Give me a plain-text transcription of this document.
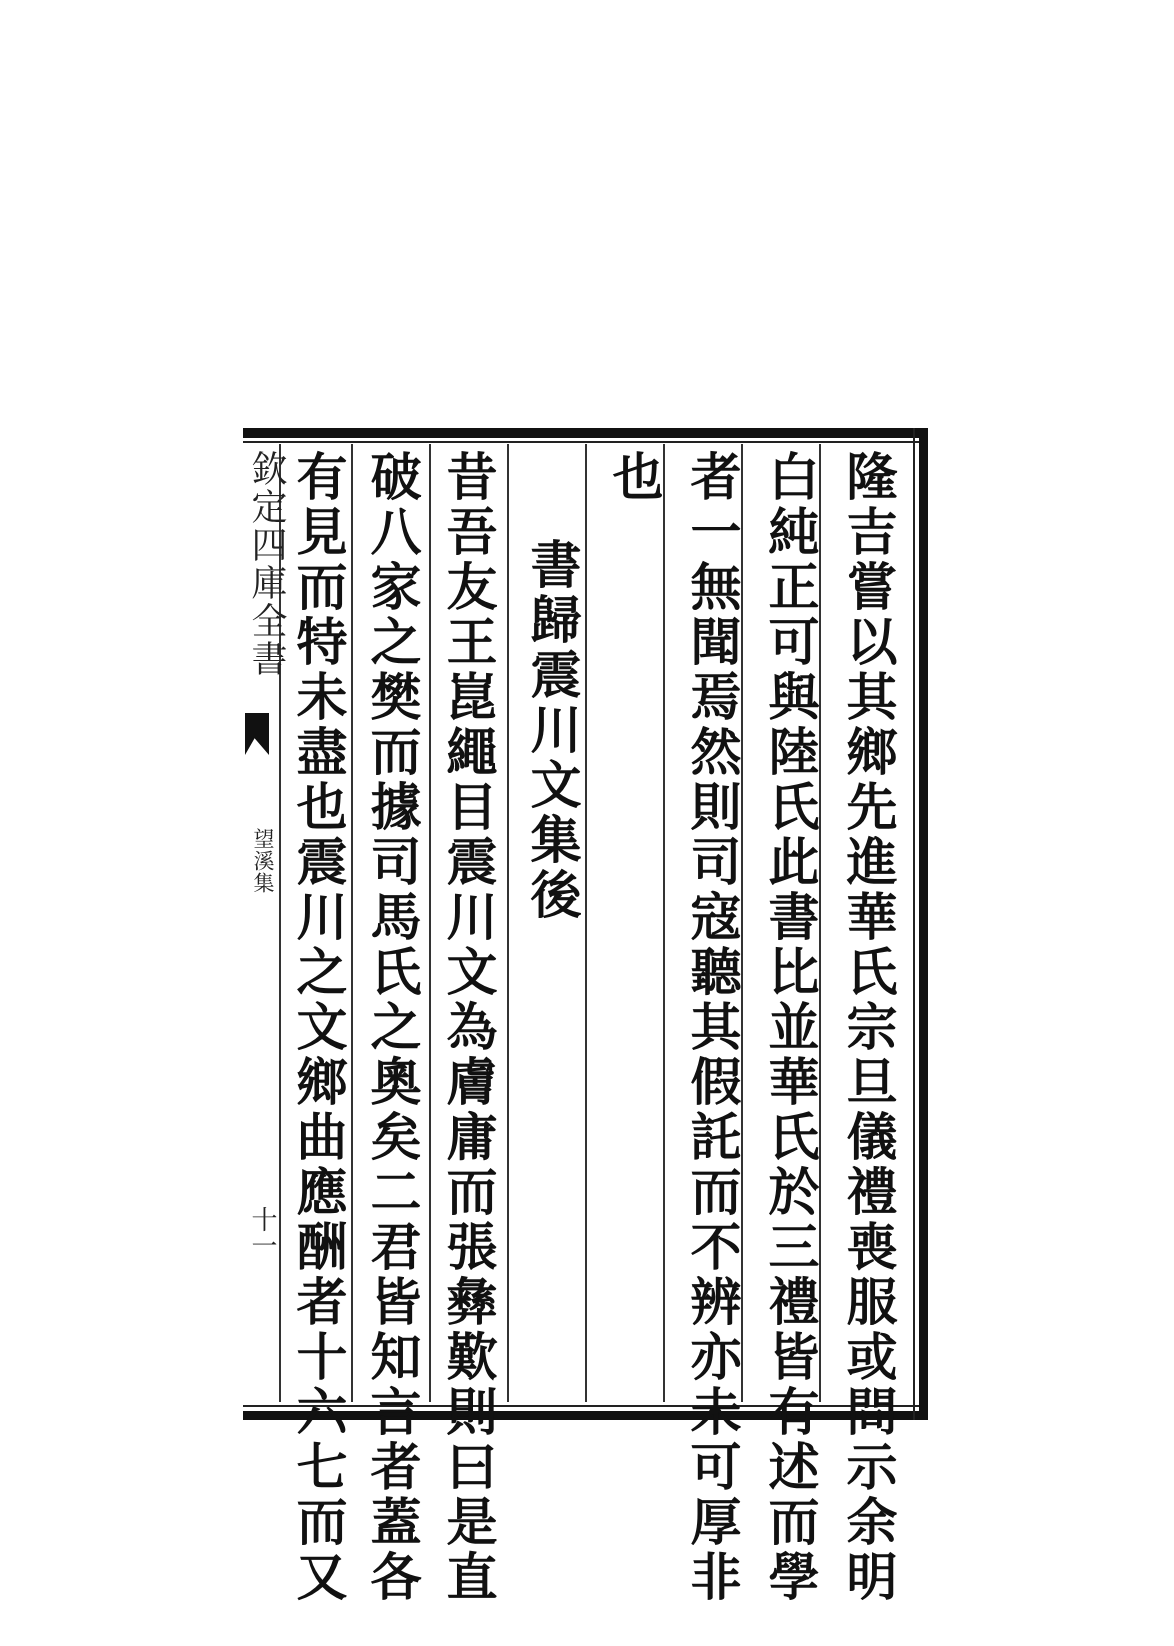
欽定四庫全書
望溪集
十一	隆吉嘗以其鄉先進華氏宗旦儀禮喪服或問示余明
白純正可與陸氏此書比並華氏於三禮皆有述而學
者一無聞焉然則司寇聽其假託而不辨亦未可厚非
也
書歸震川文集後
昔吾友王崑繩目震川文為膚庸而張彝歎則曰是直
破八家之樊而據司馬氏之奧矣二君皆知言者蓋各
有見而特未盡也震川之文鄉曲應酬者十六七而又
